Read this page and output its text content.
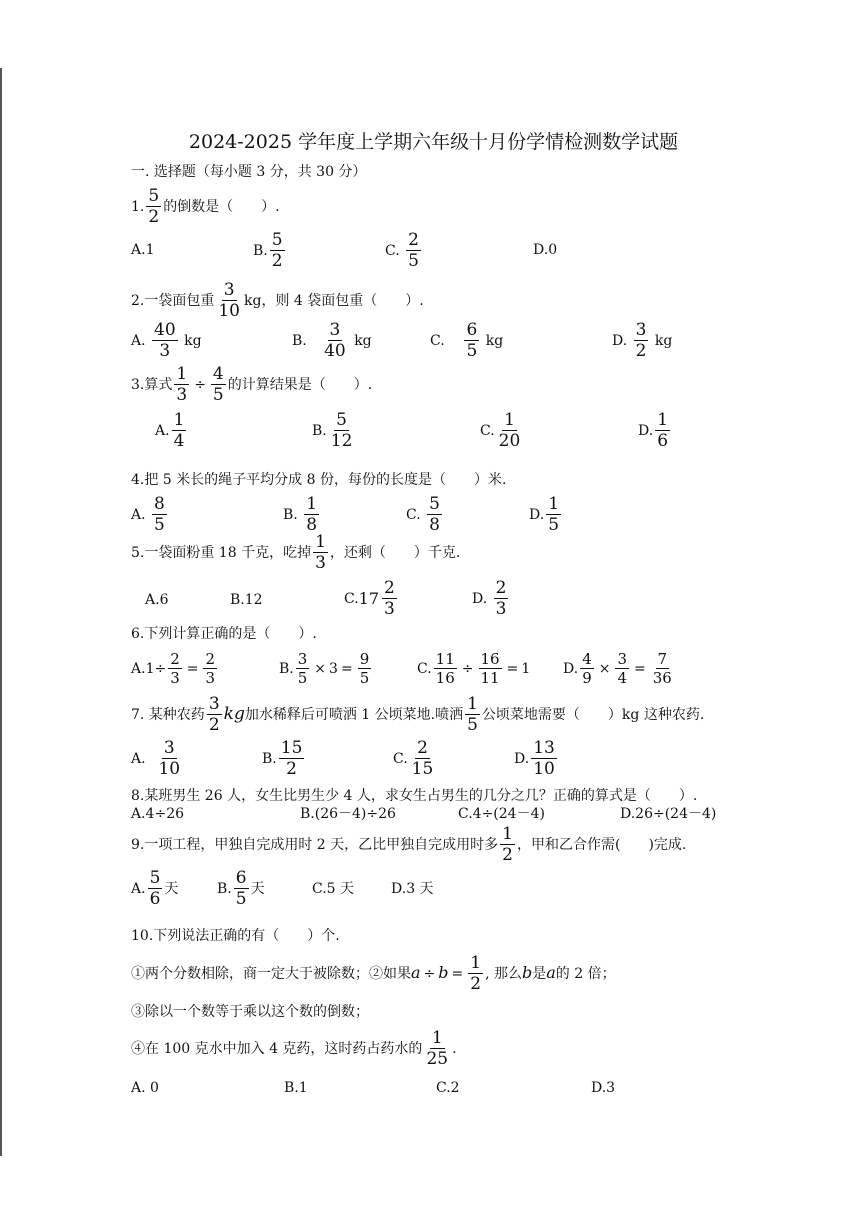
2024-2025 学年度上学期六年级十月份学情检测数学试题
一. 选择题（每小题 3 分，共 30 分）
1. $\frac{5}{2}$ 的倒数是（　　）.
A.1	B. $\frac{5}{2}$	C. $\frac{2}{5}$	D.0
2.一袋面包重 $\frac{3}{10}$ kg，则 4 袋面包重（　　）.
A. $\frac{40}{3}$ kg	B. $\frac{3}{40}$ kg	C. $\frac{6}{5}$ kg	D. $\frac{3}{2}$ kg
3.算式 $\frac{1}{3} \div \frac{4}{5}$ 的计算结果是（　　）.
A. $\frac{1}{4}$	B. $\frac{5}{12}$	C. $\frac{1}{20}$	D. $\frac{1}{6}$
4.把 5 米长的绳子平均分成 8 份，每份的长度是（　　）米.
A. $\frac{8}{5}$	B. $\frac{1}{8}$	C. $\frac{5}{8}$	D. $\frac{1}{5}$
5.一袋面粉重 18 千克，吃掉 $\frac{1}{3}$ ，还剩（　　）千克.
A.6	B.12	C. $17 \frac{2}{3}$	D. $\frac{2}{3}$
6.下列计算正确的是（　　）.
$A.1\div \frac{2}{3} = \frac{2}{3}$	B. $\frac{3}{5} \times 3 = \frac{9}{5}$	C. $\frac{11}{16} \div \frac{16}{11} = 1$ D. $\frac{4}{9} \times \frac{3}{4} = \frac{7}{36}$
7. 某种农药 $\frac{3}{2}$ kg加水稀释后可喷洒 1 公顷菜地.喷洒 $\frac{1}{5}$ 公顷菜地需要（　　）kg 这种农药.
A. $\frac{3}{10}$	B. $\frac{15}{2}$	C. $\frac{2}{15}$	D. $\frac{13}{10}$
8.某班男生 26 人，女生比男生少 4 人，求女生占男生的几分之几？正确的算式是（　　）.
A.4÷26	B.(26－4)÷26	C.4÷(24－4)	D.26÷(24－4)
9.一项工程，甲独自完成用时 2 天，乙比甲独自完成用时多 $\frac{1}{2}$ ，甲和乙合作需(　　)完成.
A. $\frac{5}{6}$ 天	B. $\frac{6}{5}$ 天	C.5 天	D.3 天
10.下列说法正确的有（　　）个.
①两个分数相除，商一定大于被除数；②如果$a \div b = \frac{1}{2}$ , 那么b是a的 2 倍；
③除以一个数等于乘以这个数的倒数；
④在 100 克水中加入 4 克药，这时药占药水的 $\frac{1}{25}$ .
A. 0	B.1	C.2	D.3
